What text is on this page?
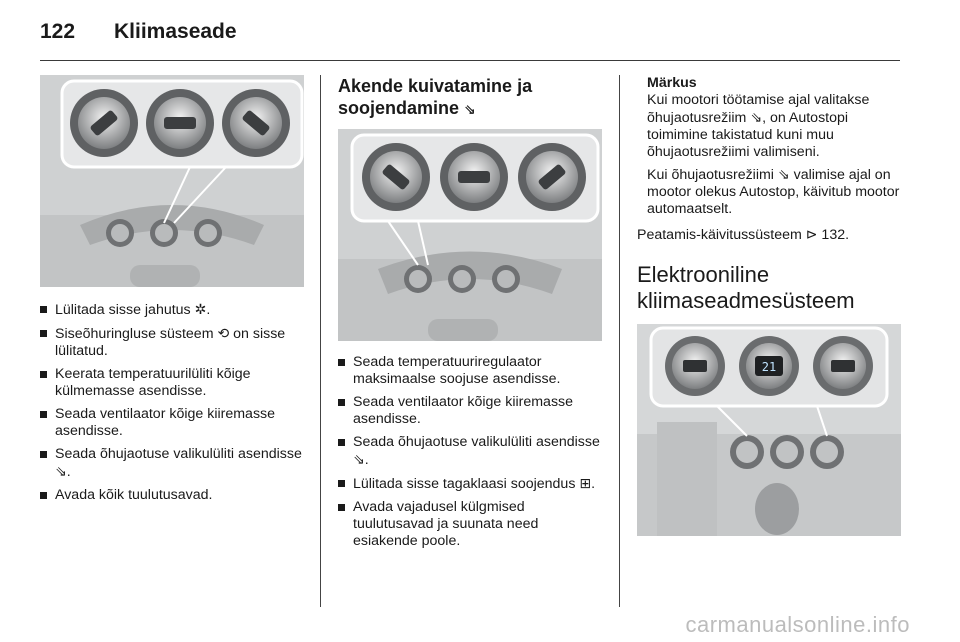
122 Kliimaseade
Lülitada sisse jahutus ✲.
Siseõhuringluse süsteem ⟲ on sisse lülitatud.
Keerata temperatuurilüliti kõige külmemasse asendisse.
Seada ventilaator kõige kiiremasse asendisse.
Seada õhujaotuse valikulüliti asendisse ⇘.
Avada kõik tuulutusavad.
Akende kuivatamine ja soojendamine ⇘
Seada temperatuuriregulaator maksimaalse soojuse asendisse.
Seada ventilaator kõige kiiremasse asendisse.
Seada õhujaotuse valikulüliti asendisse ⇘.
Lülitada sisse tagaklaasi soojendus ⊞.
Avada vajadusel külgmised tuulutusavad ja suunata need esiakende poole.
Märkus

Kui mootori töötamise ajal valitakse õhujaotusrežiim ⇘, on Autostopi toimimine takistatud kuni muu õhujaotusrežiimi valimiseni.
Kui õhujaotusrežiimi ⇘ valimise ajal on mootor olekus Autostop, käivitub mootor automaatselt.
Peatamis-käivitussüsteem ⊳ 132.
Elektrooniline kliimaseadmesüsteem
21
carmanualsonline.info
